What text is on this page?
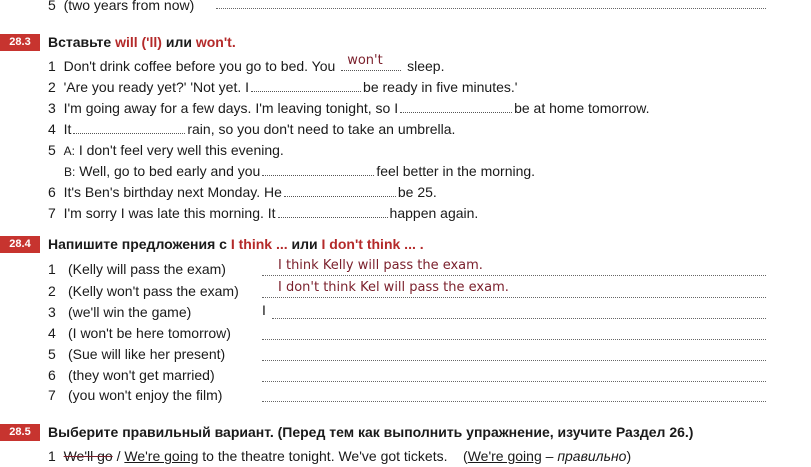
5 (two years from now)
28.3	Вставьте will ('ll) или won't.
1 Don't drink coffee before you go to bed. You won't sleep.
2 'Are you ready yet?' 'Not yet. I	be ready in five minutes.'
3 I'm going away for a few days. I'm leaving tonight, so I	be at home tomorrow.
4 It	rain, so you don't need to take an umbrella.
5 A: I don't feel very well this evening.
B: Well, go to bed early and you	feel better in the morning.
6 It's Ben's birthday next Monday. He	be 25.
7 I'm sorry I was late this morning. It	happen again.
28.4	Напишите предложения с I think ... или I don't think ... .
1 (Kelly will pass the exam)	I think Kelly will pass the exam.
2 (Kelly won't pass the exam)	I don't think Kel will pass the exam.
3 (we'll win the game)	I
4 (I won't be here tomorrow)
5 (Sue will like her present)
6 (they won't get married)
7 (you won't enjoy the film)
28.5	Выберите правильный вариант. (Перед тем как выполнить упражнение, изучите Раздел 26.)
1 We'll go / We're going to the theatre tonight. We've got tickets. (We're going – правильно)
